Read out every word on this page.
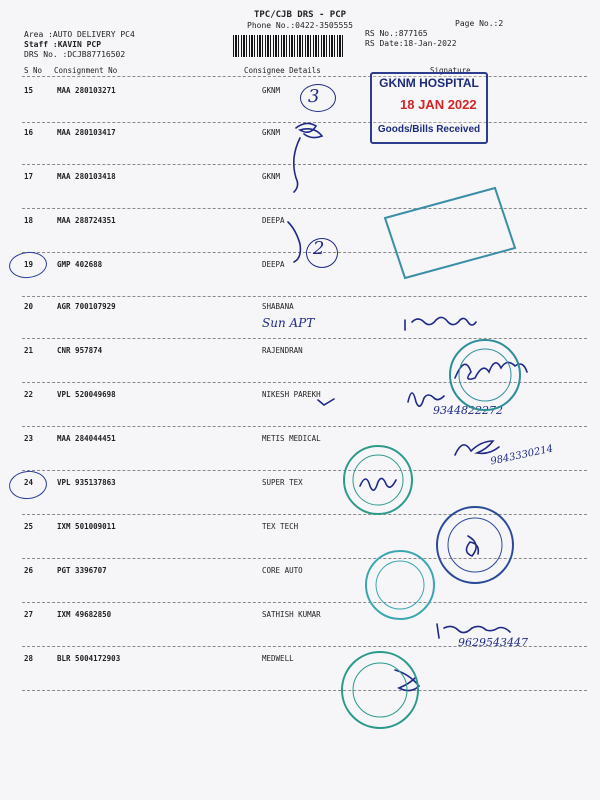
TPC/CJB DRS - PCP
Phone No.:0422-3505555
Area :AUTO DELIVERY PC4
Staff :KAVIN PCP
DRS No. :DCJB87716502
Page No.:2
RS No.:877165
RS Date:18-Jan-2022
S No Consignment No	Consignee Details	Signature
15	MAA 280103271	GKNM
16	MAA 280103417	GKNM
17	MAA 280103418	GKNM
18	MAA 288724351	DEEPA
19	GMP 402688	DEEPA
20	AGR 700107929	SHABANA
21	CNR 957874	RAJENDRAN
22	VPL 520049698	NIKESH PAREKH
23	MAA 284044451	METIS MEDICAL
24	VPL 935137863	SUPER TEX
25	IXM 501009011	TEX TECH
26	PGT 3396707	CORE AUTO
27	IXM 49682850	SATHISH KUMAR
28	BLR 5004172903	MEDWELL
GKNM HOSPITAL
18 JAN 2022
Goods/Bills Received
3
2
Sun APT
9344822272
9843330214
9629543447
